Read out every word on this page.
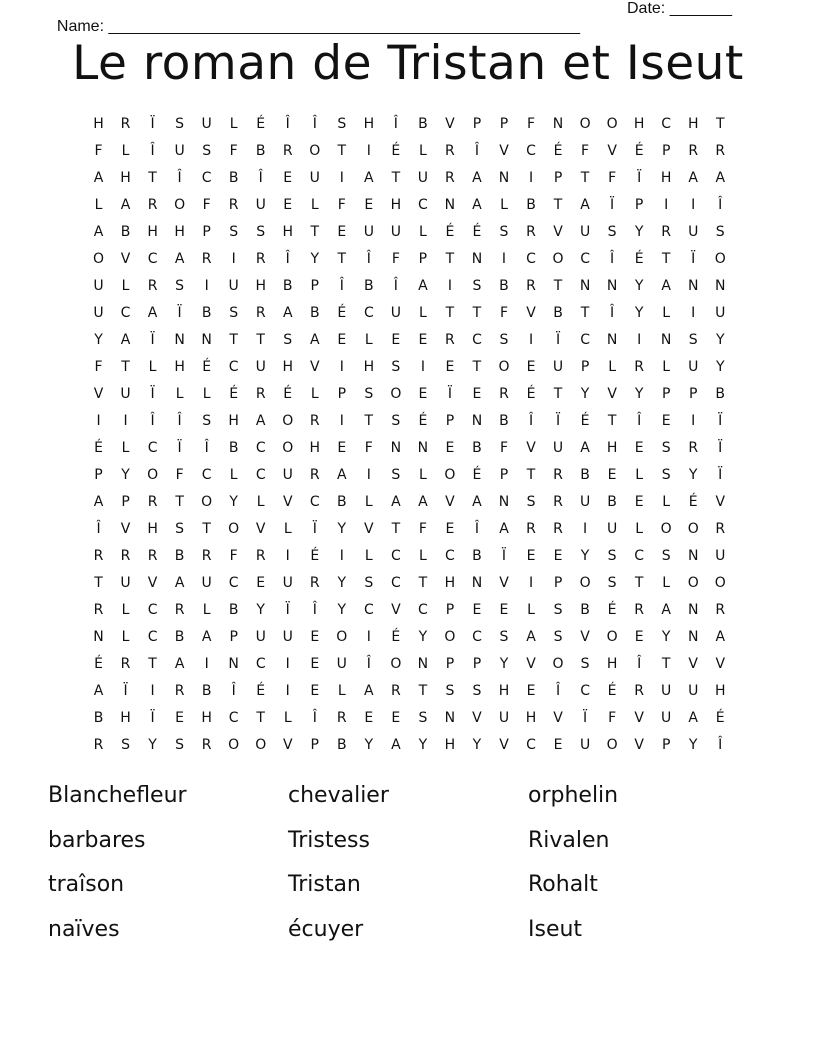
Name: _____________________________________________________

Date: _______

Le roman de Tristan et Iseut
H	R	Ï	S	U	L	É	Î	Î	S	H	Î	B	V	P	P	F	N	O	O	H	C	H	T
F	L	Î	U	S	F	B	R	O	T	I	É	L	R	Î	V	C	É	F	V	É	P	R	R
A	H	T	Î	C	B	Î	E	U	I	A	T	U	R	A	N	I	P	T	F	Ï	H	A	A
L	A	R	O	F	R	U	E	L	F	E	H	C	N	A	L	B	T	A	Ï	P	I	I	Î
A	B	H	H	P	S	S	H	T	E	U	U	L	É	É	S	R	V	U	S	Y	R	U	S
O	V	C	A	R	I	R	Î	Y	T	Î	F	P	T	N	I	C	O	C	Î	É	T	Ï	O
U	L	R	S	I	U	H	B	P	Î	B	Î	A	I	S	B	R	T	N	N	Y	A	N	N
U	C	A	Ï	B	S	R	A	B	É	C	U	L	T	T	F	V	B	T	Î	Y	L	I	U
Y	A	Ï	N	N	T	T	S	A	E	L	E	E	R	C	S	I	Ï	C	N	I	N	S	Y
F	T	L	H	É	C	U	H	V	I	H	S	I	E	T	O	E	U	P	L	R	L	U	Y
V	U	Ï	L	L	É	R	É	L	P	S	O	E	Ï	E	R	É	T	Y	V	Y	P	P	B
I	I	Î	Î	S	H	A	O	R	I	T	S	É	P	N	B	Î	Ï	É	T	Î	E	I	Ï
É	L	C	Ï	Î	B	C	O	H	E	F	N	N	E	B	F	V	U	A	H	E	S	R	Ï
P	Y	O	F	C	L	C	U	R	A	I	S	L	O	É	P	T	R	B	E	L	S	Y	Ï
A	P	R	T	O	Y	L	V	C	B	L	A	A	V	A	N	S	R	U	B	E	L	É	V
Î	V	H	S	T	O	V	L	Ï	Y	V	T	F	E	Î	A	R	R	I	U	L	O	O	R
R	R	R	B	R	F	R	I	É	I	L	C	L	C	B	Ï	E	E	Y	S	C	S	N	U
T	U	V	A	U	C	E	U	R	Y	S	C	T	H	N	V	I	P	O	S	T	L	O	O
R	L	C	R	L	B	Y	Ï	Î	Y	C	V	C	P	E	E	L	S	B	É	R	A	N	R
N	L	C	B	A	P	U	U	E	O	I	É	Y	O	C	S	A	S	V	O	E	Y	N	A
É	R	T	A	I	N	C	I	E	U	Î	O	N	P	P	Y	V	O	S	H	Î	T	V	V
A	Ï	I	R	B	Î	É	I	E	L	A	R	T	S	S	H	E	Î	C	É	R	U	U	H
B	H	Ï	E	H	C	T	L	Î	R	E	E	S	N	V	U	H	V	Ï	F	V	U	A	É
R	S	Y	S	R	O	O	V	P	B	Y	A	Y	H	Y	V	C	E	U	O	V	P	Y	Î
Blanchefleur	chevalier	orphelin
barbares	Tristess	Rivalen
traîson	Tristan	Rohalt
naïves	écuyer	Iseut
